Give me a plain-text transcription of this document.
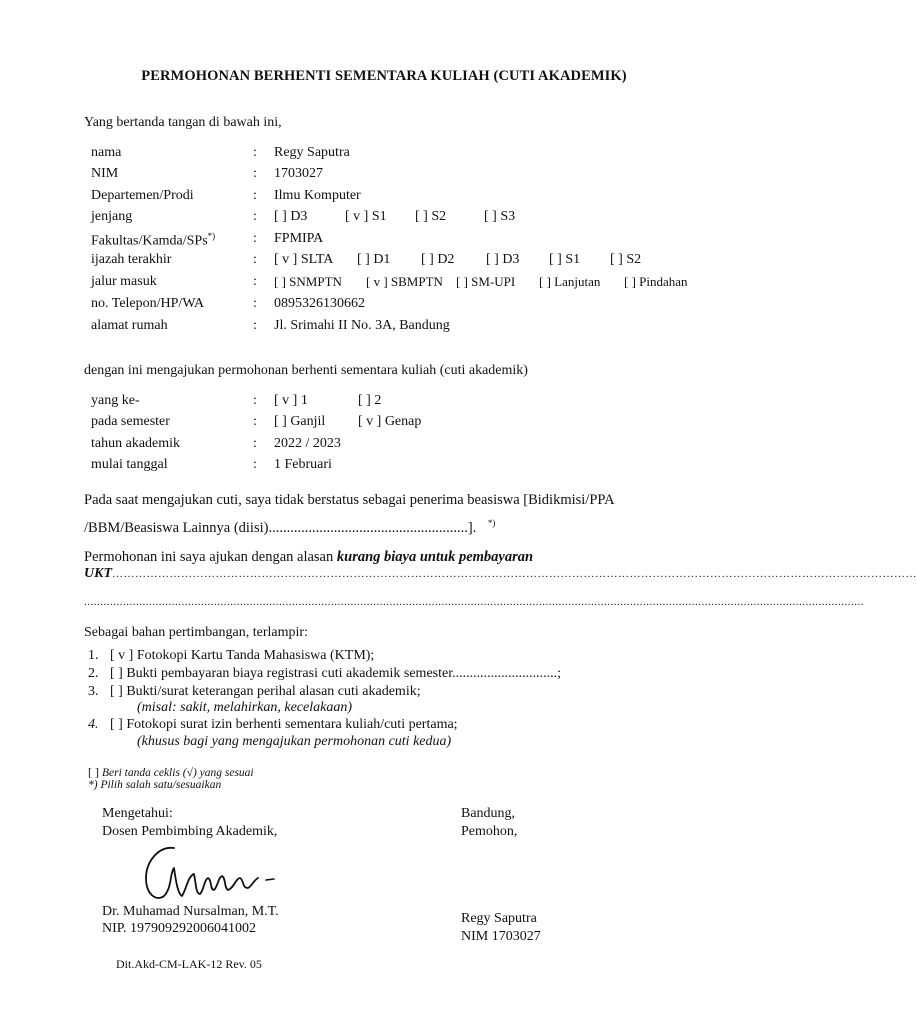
PERMOHONAN BERHENTI SEMENTARA KULIAH (CUTI AKADEMIK)
Yang bertanda tangan di bawah ini,
nama	: Regy Saputra
NIM	: 1703027
Departemen/Prodi	: Ilmu Komputer
jenjang	: [ ] D3	[ v ] S1 [ ] S2	[ ] S3
Fakultas/Kamda/SPs*)	: FPMIPA
ijazah terakhir	: [ v ] SLTA [ ] D1 [ ] D2 [ ] D3 [ ] S1 [ ] S2
jalur masuk	: [ ] SNMPTN [ v ] SBMPTN [ ] SM-UPI [ ] Lanjutan [ ] Pindahan
no. Telepon/HP/WA	: 0895326130662
alamat rumah	: Jl. Srimahi II No. 3A, Bandung
dengan ini mengajukan permohonan berhenti sementara kuliah (cuti akademik)
yang ke-	: [ v ] 1	[ ] 2
pada semester	: [ ] Ganjil [ v ] Genap
tahun akademik	: 2022 / 2023
mulai tanggal	: 1 Februari
Pada saat mengajukan cuti, saya tidak berstatus sebagai penerima beasiswa [Bidikmisi/PPA
/BBM/Beasiswa Lainnya (diisi).......................................................]. *)
Permohonan ini saya ajukan dengan alasan kurang biaya untuk pembayaran
UKT…………………………………………………………………………………………………………………………………………………………………………………………
................................................................................................................................................................................................................................................
Sebagai bahan pertimbangan, terlampir:
1. [ v ] Fotokopi Kartu Tanda Mahasiswa (KTM);
2. [ ] Bukti pembayaran biaya registrasi cuti akademik semester..............................;
3. [ ] Bukti/surat keterangan perihal alasan cuti akademik;
(misal: sakit, melahirkan, kecelakaan)
4. [ ] Fotokopi surat izin berhenti sementara kuliah/cuti pertama;
(khusus bagi yang mengajukan permohonan cuti kedua)
[ ] Beri tanda ceklis (√) yang sesuai
*) Pilih salah satu/sesuaikan
Mengetahui:
Dosen Pembimbing Akademik,
Bandung,
Pemohon,
Dr. Muhamad Nursalman, M.T.
NIP. 197909292006041002
Regy Saputra
NIM 1703027
Dit.Akd-CM-LAK-12 Rev. 05
